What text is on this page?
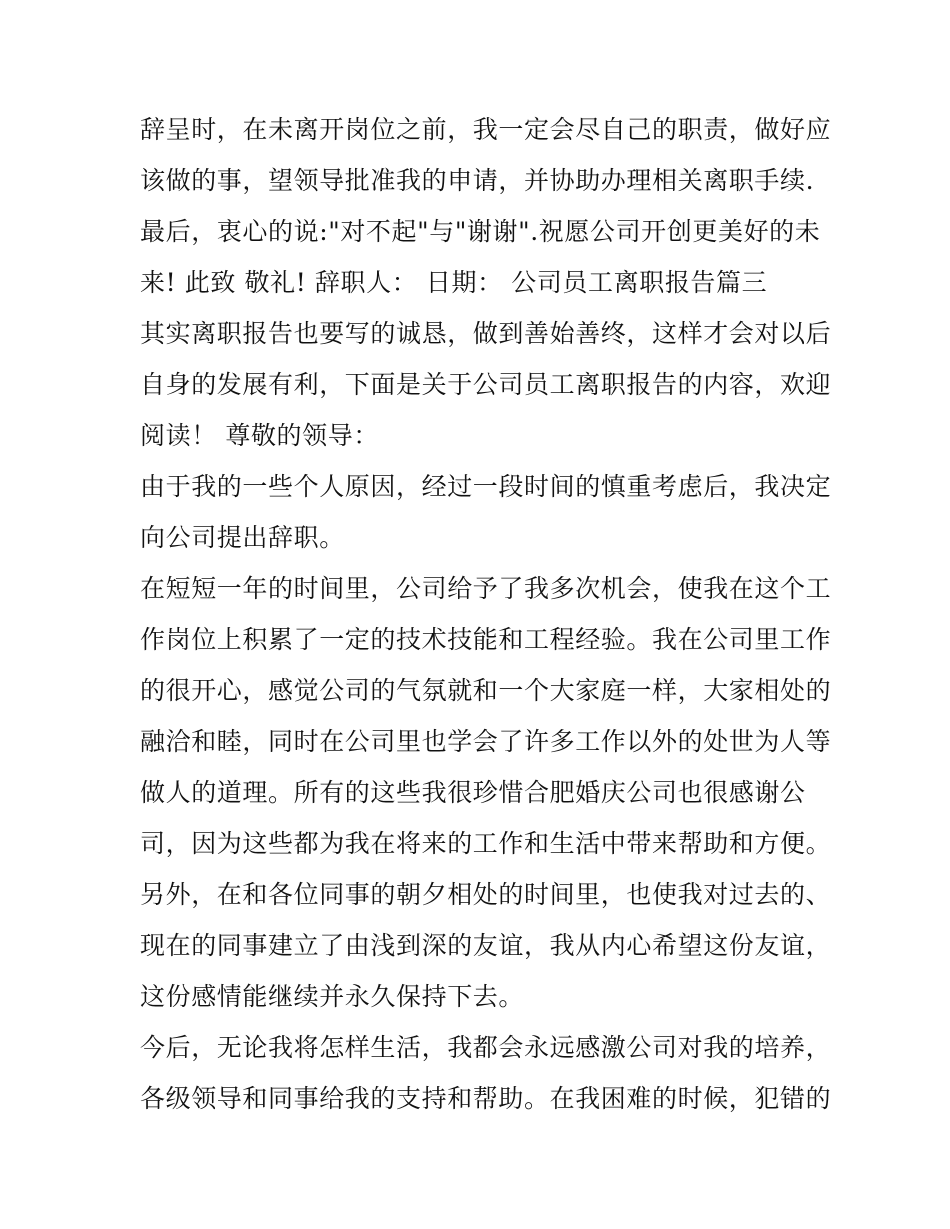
辞呈时，在未离开岗位之前，我一定会尽自己的职责，做好应
该做的事，望领导批准我的申请，并协助办理相关离职手续.
最后，衷心的说:"对不起"与"谢谢".祝愿公司开创更美好的未
来! 此致 敬礼! 辞职人： 日期： 公司员工离职报告篇三
其实离职报告也要写的诚恳，做到善始善终，这样才会对以后
自身的发展有利，下面是关于公司员工离职报告的内容，欢迎
阅读！ 尊敬的领导：
由于我的一些个人原因，经过一段时间的慎重考虑后，我决定
向公司提出辞职。
在短短一年的时间里，公司给予了我多次机会，使我在这个工
作岗位上积累了一定的技术技能和工程经验。我在公司里工作
的很开心，感觉公司的气氛就和一个大家庭一样，大家相处的
融洽和睦，同时在公司里也学会了许多工作以外的处世为人等
做人的道理。所有的这些我很珍惜合肥婚庆公司也很感谢公
司，因为这些都为我在将来的工作和生活中带来帮助和方便。
另外，在和各位同事的朝夕相处的时间里，也使我对过去的、
现在的同事建立了由浅到深的友谊，我从内心希望这份友谊，
这份感情能继续并永久保持下去。
今后，无论我将怎样生活，我都会永远感激公司对我的培养，
各级领导和同事给我的支持和帮助。在我困难的时候，犯错的
